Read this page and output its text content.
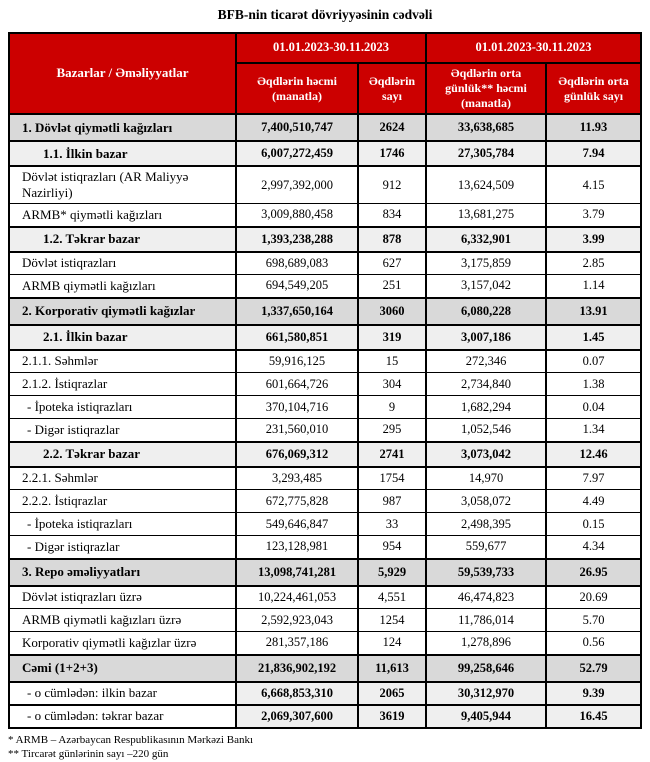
BFB-nin ticarət dövriyyəsinin cədvəli
Bazarlar / Əməliyyatlar	01.01.2023-30.11.2023		01.01.2023-30.11.2023	
	Əqdlərin həcmi (manatla)	Əqdlərin sayı	Əqdlərin orta günlük** həcmi (manatla)	Əqdlərin orta günlük sayı
1. Dövlət qiymətli kağızları	7,400,510,747	2624	33,638,685	11.93
1.1. İlkin bazar	6,007,272,459	1746	27,305,784	7.94
Dövlət istiqrazları (AR Maliyyə Nazirliyi)	2,997,392,000	912	13,624,509	4.15
ARMB* qiymətli kağızları	3,009,880,458	834	13,681,275	3.79
1.2. Təkrar bazar	1,393,238,288	878	6,332,901	3.99
Dövlət istiqrazları	698,689,083	627	3,175,859	2.85
ARMB qiymətli kağızları	694,549,205	251	3,157,042	1.14
2. Korporativ qiymətli kağızlar	1,337,650,164	3060	6,080,228	13.91
2.1. İlkin bazar	661,580,851	319	3,007,186	1.45
2.1.1. Səhmlər	59,916,125	15	272,346	0.07
2.1.2. İstiqrazlar	601,664,726	304	2,734,840	1.38
- İpoteka istiqrazları	370,104,716	9	1,682,294	0.04
- Digər istiqrazlar	231,560,010	295	1,052,546	1.34
2.2. Təkrar bazar	676,069,312	2741	3,073,042	12.46
2.2.1. Səhmlər	3,293,485	1754	14,970	7.97
2.2.2. İstiqrazlar	672,775,828	987	3,058,072	4.49
- İpoteka istiqrazları	549,646,847	33	2,498,395	0.15
- Digər istiqrazlar	123,128,981	954	559,677	4.34
3. Repo əməliyyatları	13,098,741,281	5,929	59,539,733	26.95
Dövlət istiqrazları üzrə	10,224,461,053	4,551	46,474,823	20.69
ARMB qiymətli kağızları üzrə	2,592,923,043	1254	11,786,014	5.70
Korporativ qiymətli kağızlar üzrə	281,357,186	124	1,278,896	0.56
Cəmi (1+2+3)	21,836,902,192	11,613	99,258,646	52.79
- o cümlədən: ilkin bazar	6,668,853,310	2065	30,312,970	9.39
- o cümlədən: təkrar bazar	2,069,307,600	3619	9,405,944	16.45
* ARMB – Azərbaycan Respublikasının Mərkəzi Bankı
** Tircarət günlərinin sayı –220 gün
